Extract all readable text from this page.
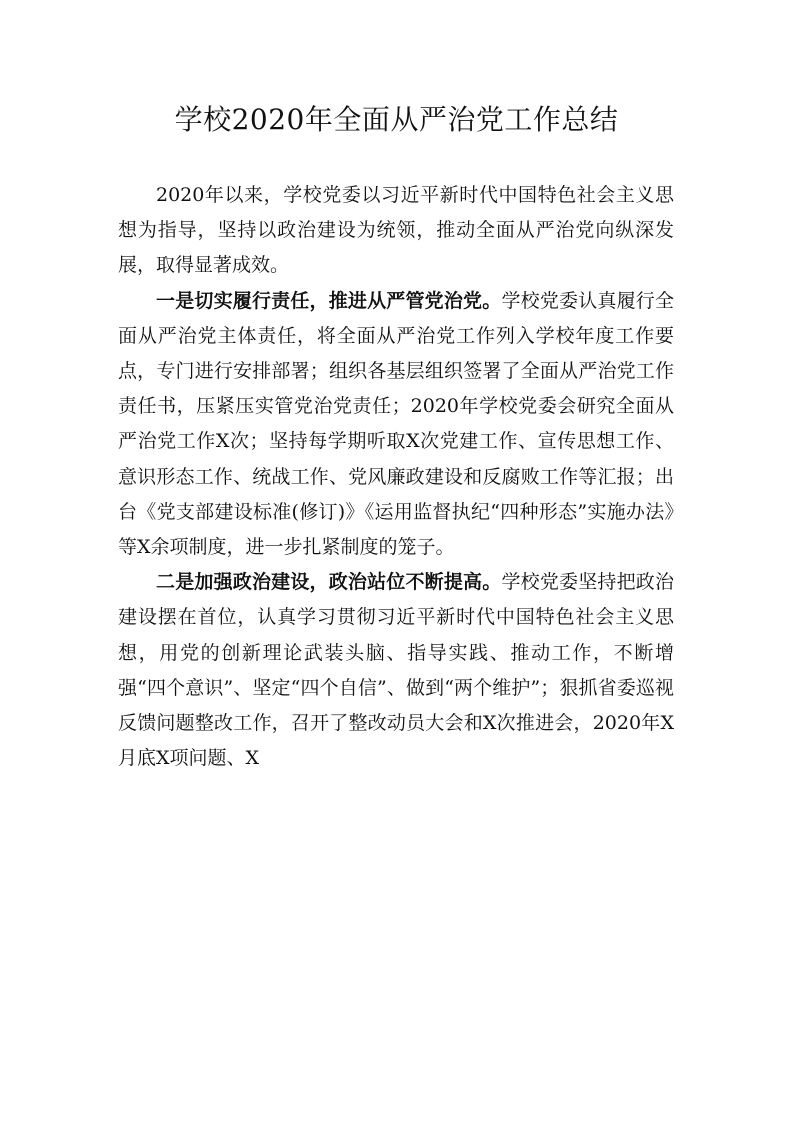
学校2020年全面从严治党工作总结

2020年以来，学校党委以习近平新时代中国特色社会主义思想为指导，坚持以政治建设为统领，推动全面从严治党向纵深发展，取得显著成效。

一是切实履行责任，推进从严管党治党。学校党委认真履行全面从严治党主体责任，将全面从严治党工作列入学校年度工作要点，专门进行安排部署；组织各基层组织签署了全面从严治党工作责任书，压紧压实管党治党责任；2020年学校党委会研究全面从严治党工作X次；坚持每学期听取X次党建工作、宣传思想工作、意识形态工作、统战工作、党风廉政建设和反腐败工作等汇报；出台《党支部建设标准(修订)》《运用监督执纪“四种形态”实施办法》等X余项制度，进一步扎紧制度的笼子。

二是加强政治建设，政治站位不断提高。学校党委坚持把政治建设摆在首位，认真学习贯彻习近平新时代中国特色社会主义思想，用党的创新理论武装头脑、指导实践、推动工作，不断增强“四个意识”、坚定“四个自信”、做到“两个维护”；狠抓省委巡视反馈问题整改工作，召开了整改动员大会和X次推进会，2020年X月底X项问题、X
